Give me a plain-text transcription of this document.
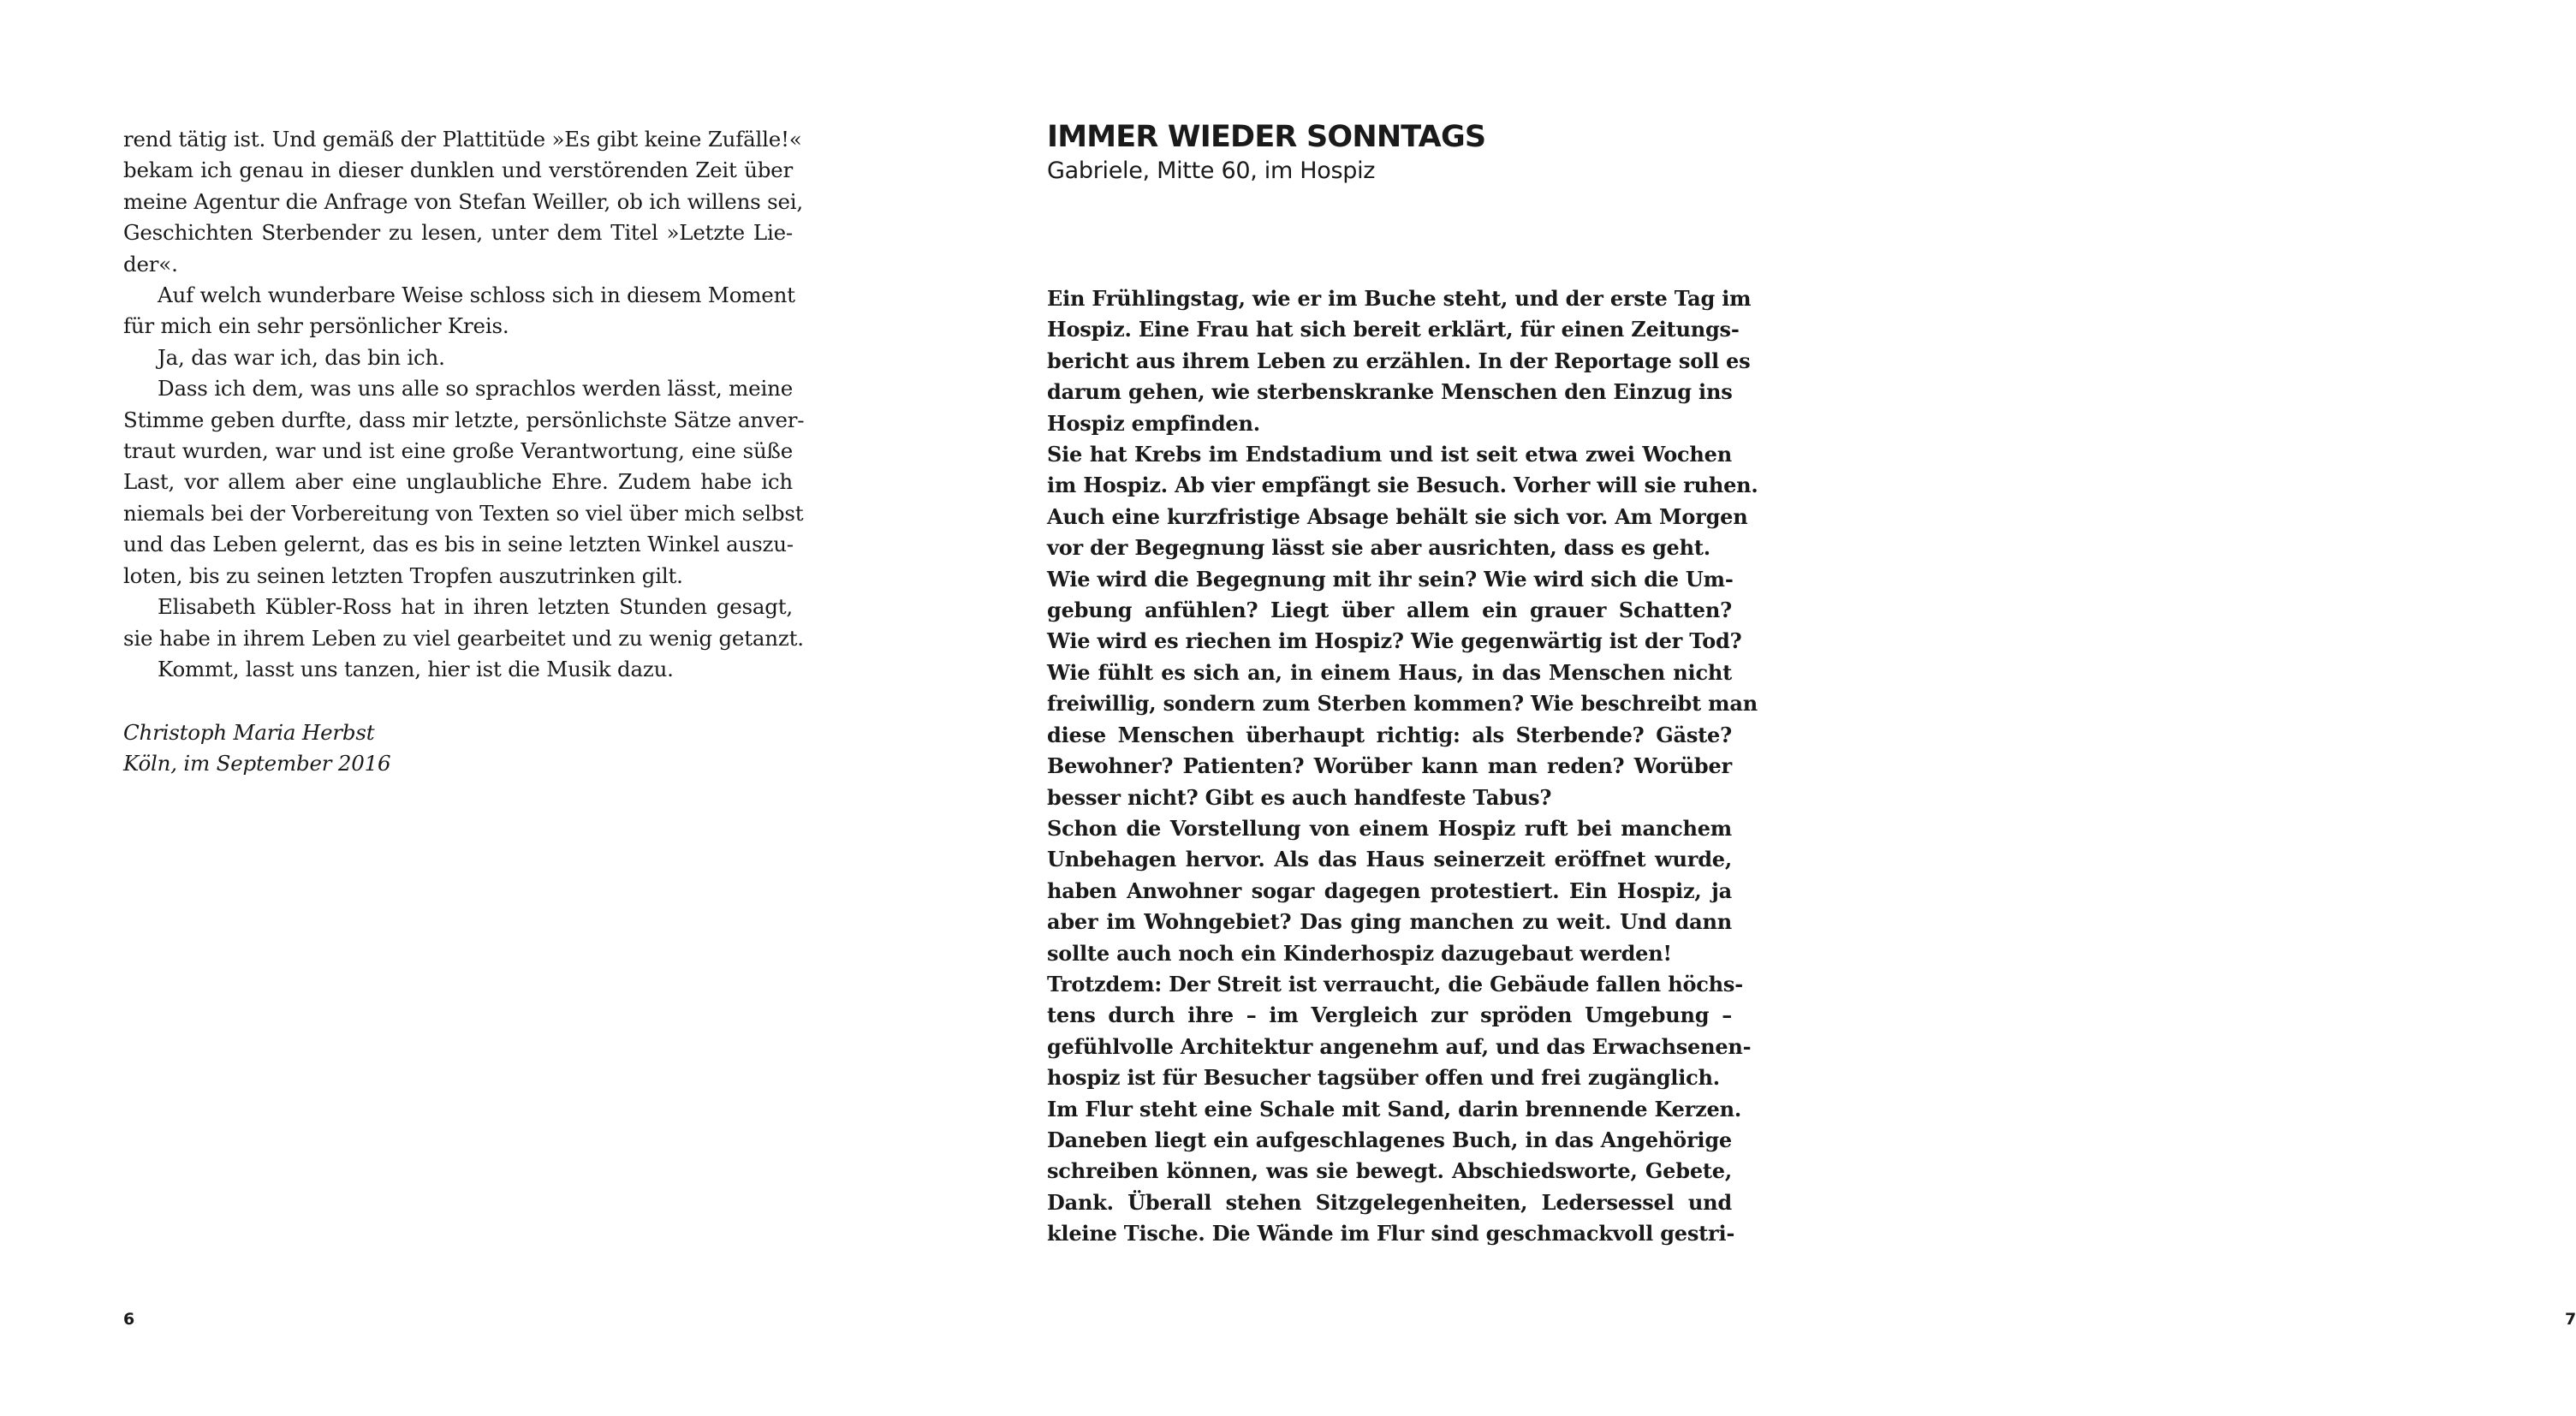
rend tätig ist. Und gemäß der Plattitüde »Es gibt keine Zufälle!«
bekam ich genau in dieser dunklen und verstörenden Zeit über
meine Agentur die Anfrage von Stefan Weiller, ob ich willens sei,
Geschichten Sterbender zu lesen, unter dem Titel »Letzte Lie-
der«.
Auf welch wunderbare Weise schloss sich in diesem Moment
für mich ein sehr persönlicher Kreis.
Ja, das war ich, das bin ich.
Dass ich dem, was uns alle so sprachlos werden lässt, meine
Stimme geben durfte, dass mir letzte, persönlichste Sätze anver-
traut wurden, war und ist eine große Verantwortung, eine süße
Last, vor allem aber eine unglaubliche Ehre. Zudem habe ich
niemals bei der Vorbereitung von Texten so viel über mich selbst
und das Leben gelernt, das es bis in seine letzten Winkel auszu-
loten, bis zu seinen letzten Tropfen auszutrinken gilt.
Elisabeth Kübler-Ross hat in ihren letzten Stunden gesagt,
sie habe in ihrem Leben zu viel gearbeitet und zu wenig getanzt.
Kommt, lasst uns tanzen, hier ist die Musik dazu.
Christoph Maria Herbst
Köln, im September 2016
6
IMMER WIEDER SONNTAGS
Gabriele, Mitte 60, im Hospiz
Ein Frühlingstag, wie er im Buche steht, und der erste Tag im
Hospiz. Eine Frau hat sich bereit erklärt, für einen Zeitungs-
bericht aus ihrem Leben zu erzählen. In der Reportage soll es
darum gehen, wie sterbenskranke Menschen den Einzug ins
Hospiz empfinden.
Sie hat Krebs im Endstadium und ist seit etwa zwei Wochen
im Hospiz. Ab vier empfängt sie Besuch. Vorher will sie ruhen.
Auch eine kurzfristige Absage behält sie sich vor. Am Morgen
vor der Begegnung lässt sie aber ausrichten, dass es geht.
Wie wird die Begegnung mit ihr sein? Wie wird sich die Um-
gebung anfühlen? Liegt über allem ein grauer Schatten?
Wie wird es riechen im Hospiz? Wie gegenwärtig ist der Tod?
Wie fühlt es sich an, in einem Haus, in das Menschen nicht
freiwillig, sondern zum Sterben kommen? Wie beschreibt man
diese Menschen überhaupt richtig: als Sterbende? Gäste?
Bewohner? Patienten? Worüber kann man reden? Worüber
besser nicht? Gibt es auch handfeste Tabus?
Schon die Vorstellung von einem Hospiz ruft bei manchem
Unbehagen hervor. Als das Haus seinerzeit eröffnet wurde,
haben Anwohner sogar dagegen protestiert. Ein Hospiz, ja
aber im Wohngebiet? Das ging manchen zu weit. Und dann
sollte auch noch ein Kinderhospiz dazugebaut werden!
Trotzdem: Der Streit ist verraucht, die Gebäude fallen höchs-
tens durch ihre – im Vergleich zur spröden Umgebung –
gefühlvolle Architektur angenehm auf, und das Erwachsenen-
hospiz ist für Besucher tagsüber offen und frei zugänglich.
Im Flur steht eine Schale mit Sand, darin brennende Kerzen.
Daneben liegt ein aufgeschlagenes Buch, in das Angehörige
schreiben können, was sie bewegt. Abschiedsworte, Gebete,
Dank. Überall stehen Sitzgelegenheiten, Ledersessel und
kleine Tische. Die Wände im Flur sind geschmackvoll gestri-
7
